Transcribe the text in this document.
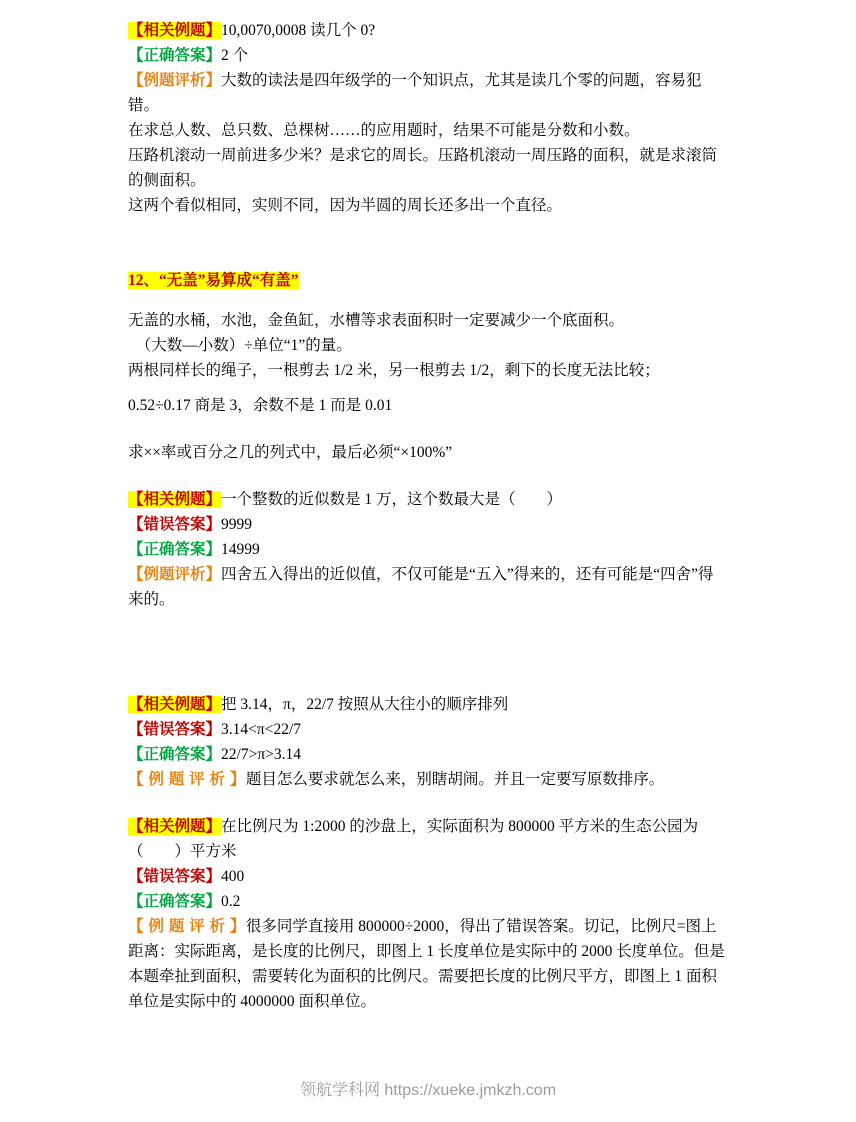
【相关例题】10,0070,0008 读几个 0?

【正确答案】2 个

【例题评析】大数的读法是四年级学的一个知识点，尤其是读几个零的问题，容易犯错。

在求总人数、总只数、总棵树……的应用题时，结果不可能是分数和小数。

压路机滚动一周前进多少米？是求它的周长。压路机滚动一周压路的面积，就是求滚筒的侧面积。

这两个看似相同，实则不同，因为半圆的周长还多出一个直径。

12、“无盖”易算成“有盖”

无盖的水桶，水池，金鱼缸，水槽等求表面积时一定要减少一个底面积。

　（大数—小数）÷单位“1”的量。

两根同样长的绳子，一根剪去 1/2 米，另一根剪去 1/2，剩下的长度无法比较；

0.52÷0.17 商是 3，余数不是 1 而是 0.01

求××率或百分之几的列式中，最后必须“×100%”

【相关例题】一个整数的近似数是 1 万，这个数最大是（　　）

【错误答案】9999

【正确答案】14999

【例题评析】四舍五入得出的近似值，不仅可能是“五入”得来的，还有可能是“四舍”得来的。

【相关例题】把 3.14，π，22/7 按照从大往小的顺序排列

【错误答案】3.14<π<22/7

【正确答案】22/7>π>3.14

【 例 题 评 析 】题目怎么要求就怎么来，别瞎胡闹。并且一定要写原数排序。

【相关例题】在比例尺为 1:2000 的沙盘上，实际面积为 800000 平方米的生态公园为（　　）平方米

【错误答案】400

【正确答案】0.2

【 例 题 评 析 】很多同学直接用 800000÷2000，得出了错误答案。切记，比例尺=图上距离：实际距离，是长度的比例尺，即图上 1 长度单位是实际中的 2000 长度单位。但是本题牵扯到面积，需要转化为面积的比例尺。需要把长度的比例尺平方，即图上 1 面积单位是实际中的 4000000 面积单位。

领航学科网 https://xueke.jmkzh.com
